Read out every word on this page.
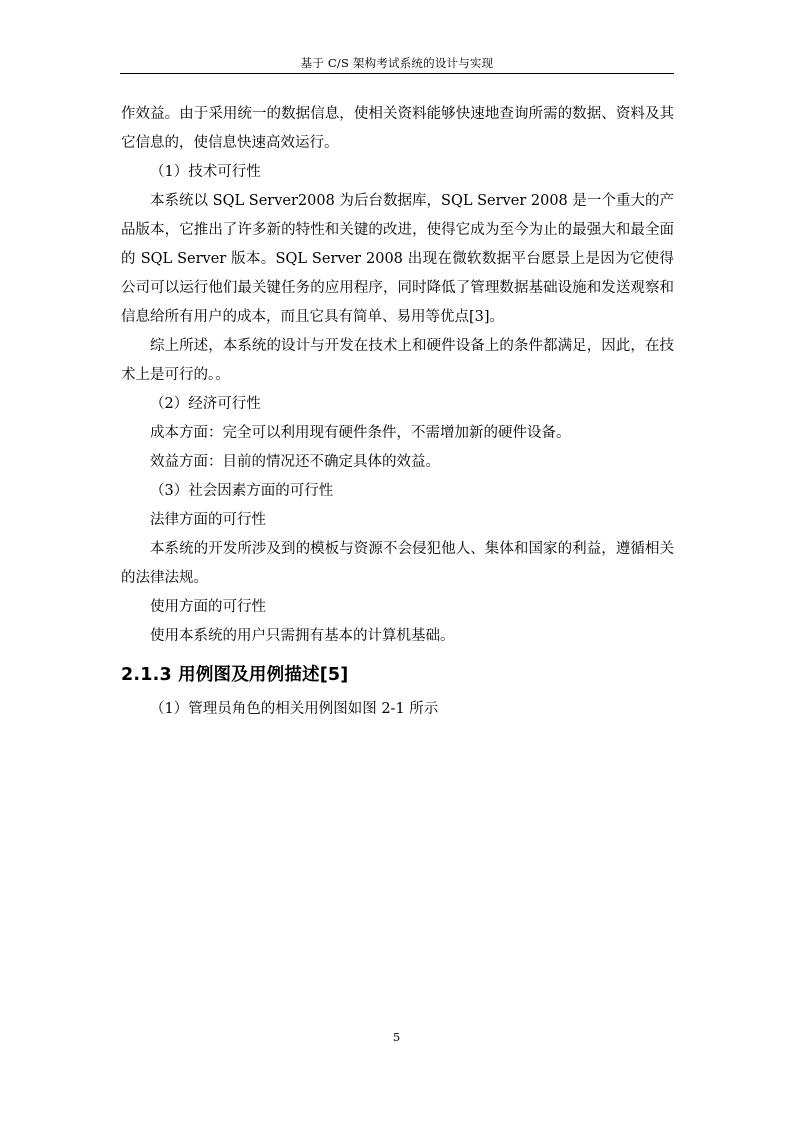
基于 C/S 架构考试系统的设计与实现

作效益。由于采用统一的数据信息，使相关资料能够快速地查询所需的数据、资料及其它信息的，使信息快速高效运行。

（1）技术可行性

本系统以 SQL Server2008 为后台数据库，SQL Server 2008 是一个重大的产品版本，它推出了许多新的特性和关键的改进，使得它成为至今为止的最强大和最全面的 SQL Server 版本。SQL Server 2008 出现在微软数据平台愿景上是因为它使得公司可以运行他们最关键任务的应用程序，同时降低了管理数据基础设施和发送观察和信息给所有用户的成本，而且它具有简单、易用等优点[3]。

综上所述，本系统的设计与开发在技术上和硬件设备上的条件都满足，因此，在技术上是可行的。。

（2）经济可行性

成本方面：完全可以利用现有硬件条件，不需增加新的硬件设备。

效益方面：目前的情况还不确定具体的效益。

（3）社会因素方面的可行性

法律方面的可行性

本系统的开发所涉及到的模板与资源不会侵犯他人、集体和国家的利益，遵循相关的法律法规。

使用方面的可行性

使用本系统的用户只需拥有基本的计算机基础。

2.1.3 用例图及用例描述[5]

（1）管理员角色的相关用例图如图 2-1 所示

5
